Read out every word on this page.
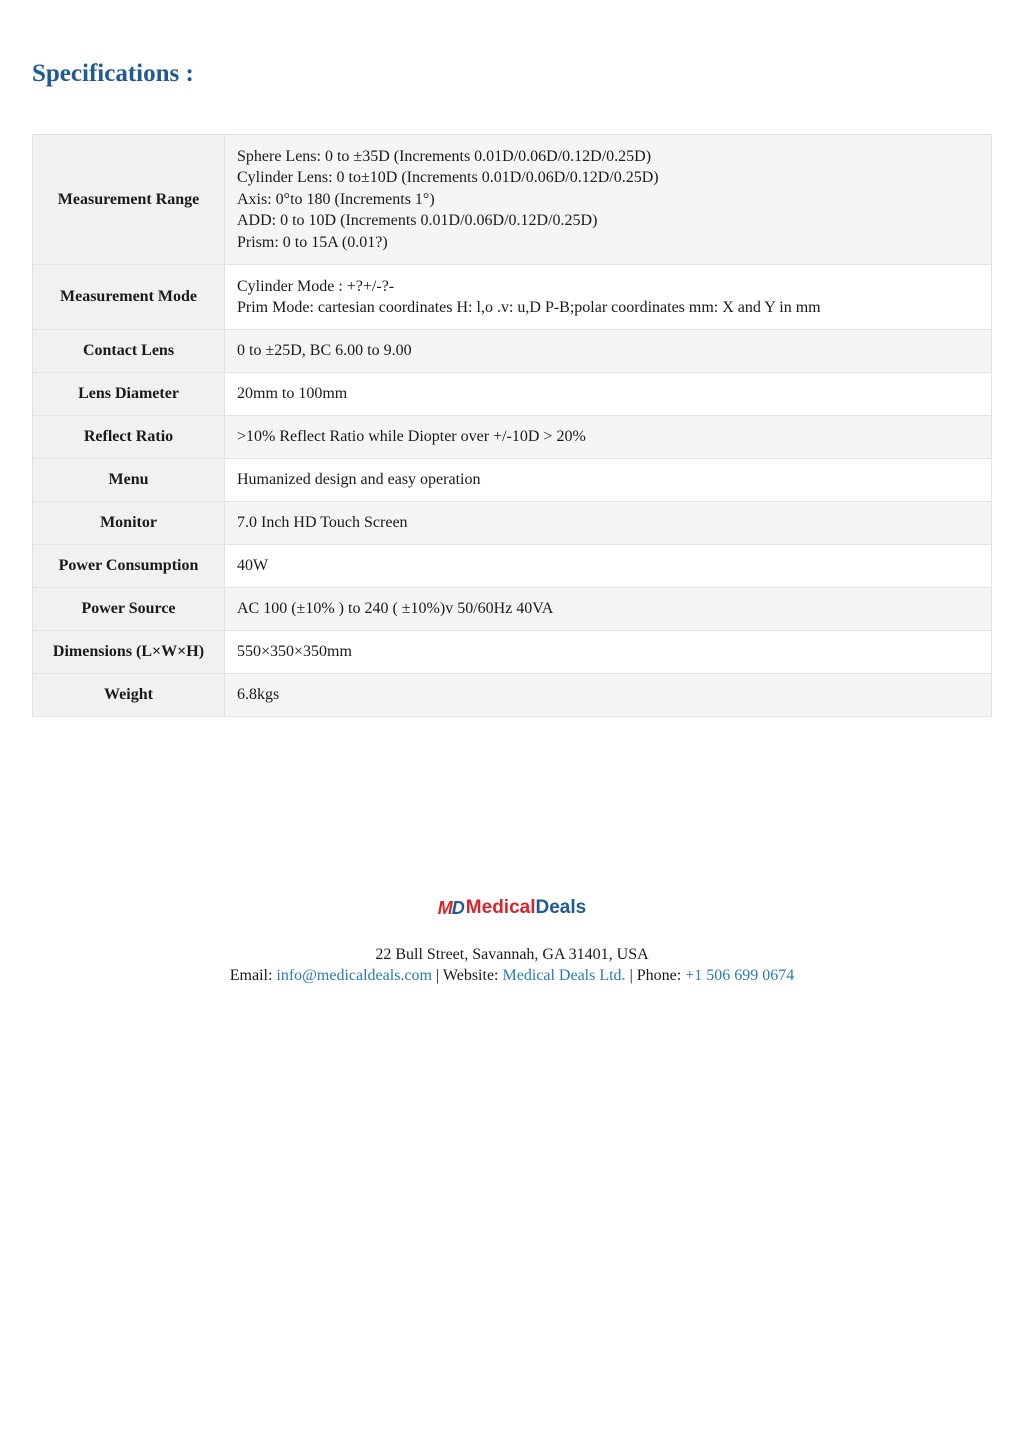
Specifications :
Measurement Range	Sphere Lens: 0 to ±35D (Increments 0.01D/0.06D/0.12D/0.25D)
Cylinder Lens: 0 to±10D (Increments 0.01D/0.06D/0.12D/0.25D)
Axis: 0°to 180 (Increments 1°)
ADD: 0 to 10D (Increments 0.01D/0.06D/0.12D/0.25D)
Prism: 0 to 15A (0.01?)

Measurement Mode	Cylinder Mode : +?+/-?-
Prim Mode: cartesian coordinates H: l,o .v: u,D P-B;polar coordinates mm: X and Y in mm

Contact Lens	0 to ±25D, BC 6.00 to 9.00

Lens Diameter	20mm to 100mm

Reflect Ratio	>10% Reflect Ratio while Diopter over +/-10D > 20%

Menu	Humanized design and easy operation

Monitor	7.0 Inch HD Touch Screen

Power Consumption	40W

Power Source	AC 100 (±10% ) to 240 ( ±10%)v 50/60Hz 40VA

Dimensions (L×W×H)	550×350×350mm

Weight	6.8kgs
MD MedicalDeals
22 Bull Street, Savannah, GA 31401, USA
Email: info@medicaldeals.com | Website: Medical Deals Ltd. | Phone: +1 506 699 0674
